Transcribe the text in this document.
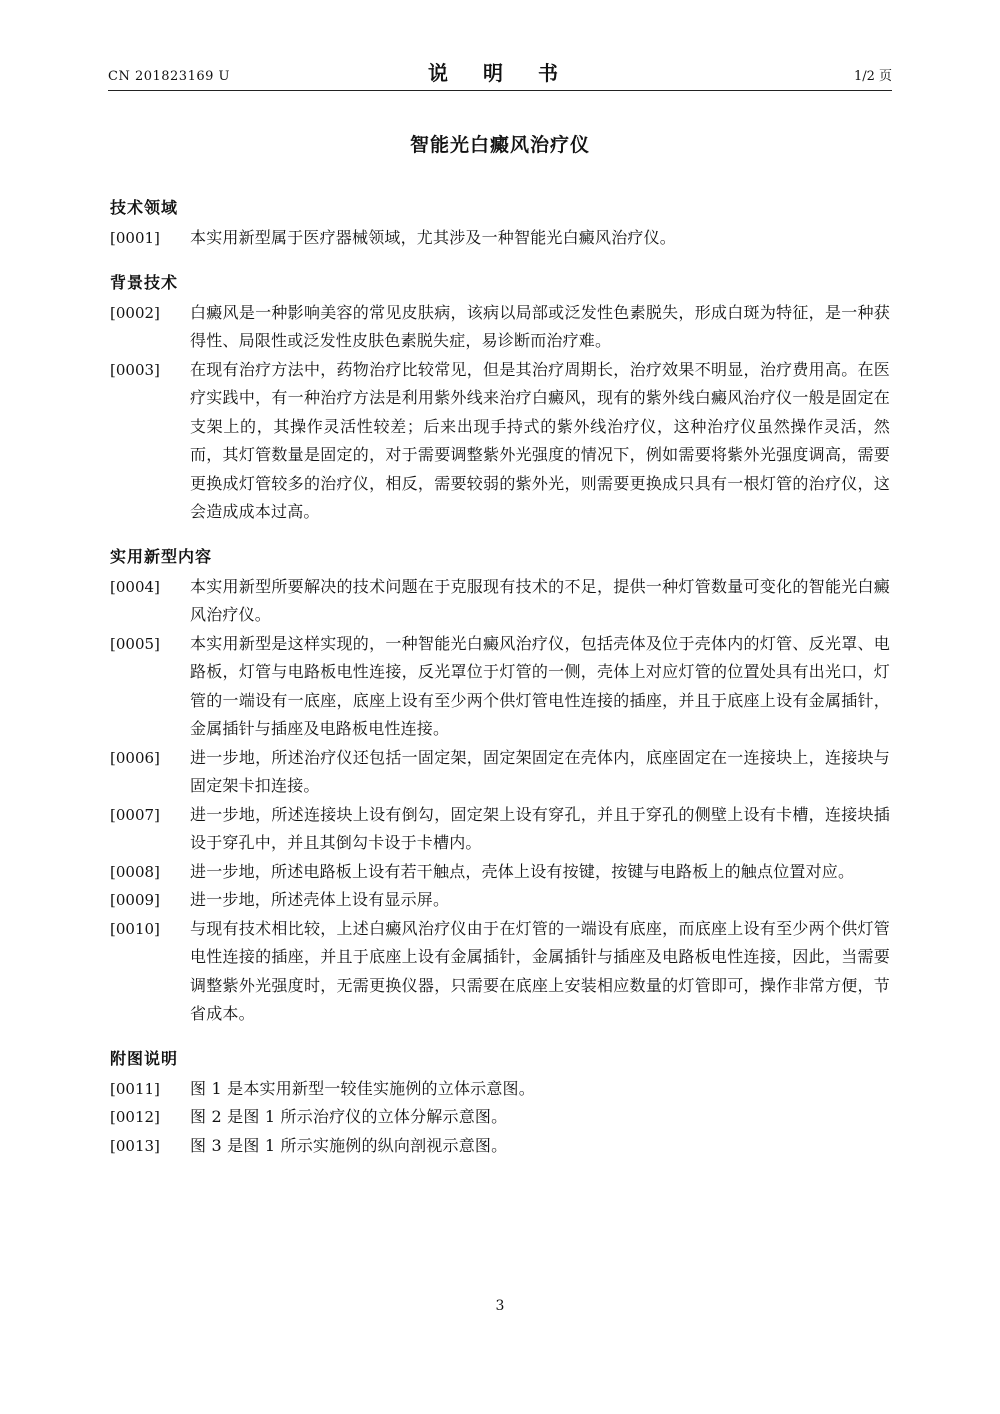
CN 201823169 U	说 明 书	1/2 页
智能光白癜风治疗仪

技术领域

[0001]	本实用新型属于医疗器械领域，尤其涉及一种智能光白癜风治疗仪。

背景技术

[0002]	白癜风是一种影响美容的常见皮肤病，该病以局部或泛发性色素脱失，形成白斑为特征，是一种获得性、局限性或泛发性皮肤色素脱失症，易诊断而治疗难。
[0003]	在现有治疗方法中，药物治疗比较常见，但是其治疗周期长，治疗效果不明显，治疗费用高。在医疗实践中，有一种治疗方法是利用紫外线来治疗白癜风，现有的紫外线白癜风治疗仪一般是固定在支架上的，其操作灵活性较差；后来出现手持式的紫外线治疗仪，这种治疗仪虽然操作灵活，然而，其灯管数量是固定的，对于需要调整紫外光强度的情况下，例如需要将紫外光强度调高，需要更换成灯管较多的治疗仪，相反，需要较弱的紫外光，则需要更换成只具有一根灯管的治疗仪，这会造成成本过高。

实用新型内容

[0004]	本实用新型所要解决的技术问题在于克服现有技术的不足，提供一种灯管数量可变化的智能光白癜风治疗仪。
[0005]	本实用新型是这样实现的，一种智能光白癜风治疗仪，包括壳体及位于壳体内的灯管、反光罩、电路板，灯管与电路板电性连接，反光罩位于灯管的一侧，壳体上对应灯管的位置处具有出光口，灯管的一端设有一底座，底座上设有至少两个供灯管电性连接的插座，并且于底座上设有金属插针，金属插针与插座及电路板电性连接。
[0006]	进一步地，所述治疗仪还包括一固定架，固定架固定在壳体内，底座固定在一连接块上，连接块与固定架卡扣连接。
[0007]	进一步地，所述连接块上设有倒勾，固定架上设有穿孔，并且于穿孔的侧壁上设有卡槽，连接块插设于穿孔中，并且其倒勾卡设于卡槽内。
[0008]	进一步地，所述电路板上设有若干触点，壳体上设有按键，按键与电路板上的触点位置对应。
[0009]	进一步地，所述壳体上设有显示屏。
[0010]	与现有技术相比较，上述白癜风治疗仪由于在灯管的一端设有底座，而底座上设有至少两个供灯管电性连接的插座，并且于底座上设有金属插针，金属插针与插座及电路板电性连接，因此，当需要调整紫外光强度时，无需更换仪器，只需要在底座上安装相应数量的灯管即可，操作非常方便，节省成本。

附图说明

[0011]	图 1 是本实用新型一较佳实施例的立体示意图。
[0012]	图 2 是图 1 所示治疗仪的立体分解示意图。
[0013]	图 3 是图 1 所示实施例的纵向剖视示意图。
3
